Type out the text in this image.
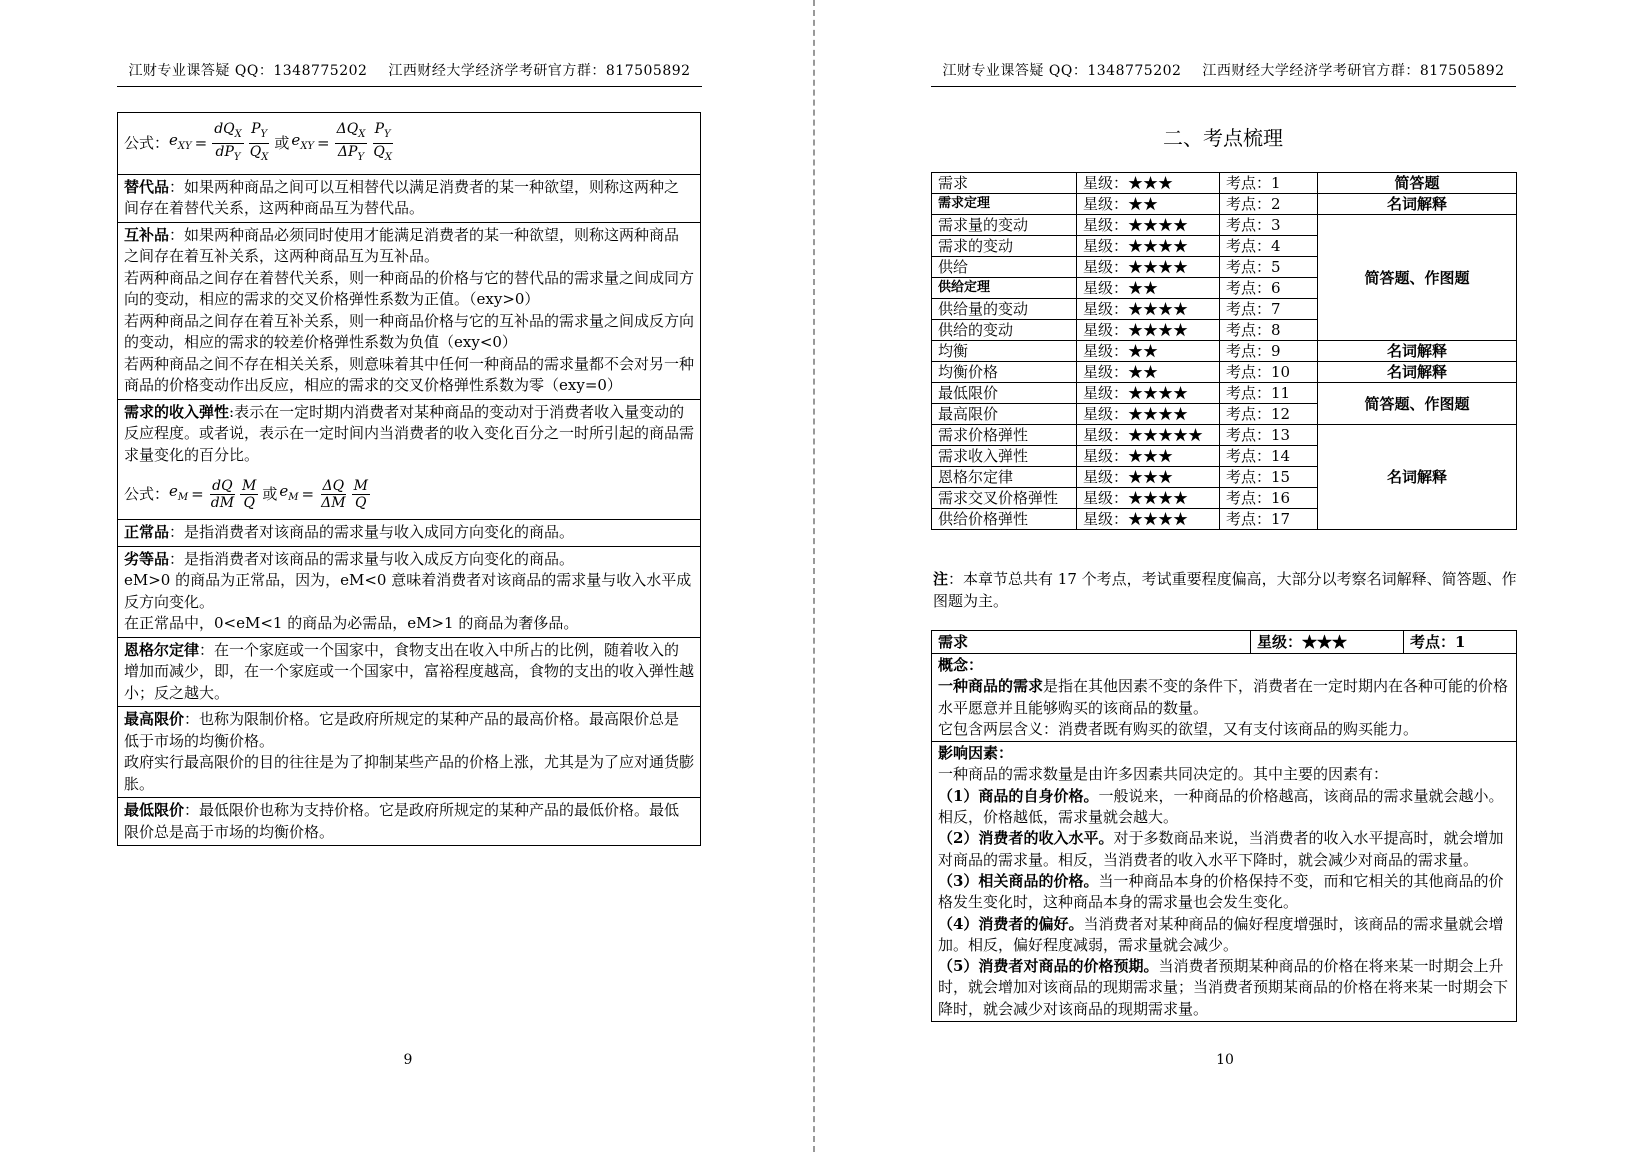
江财专业课答疑 QQ：1348775202 江西财经大学经济学考研官方群：817505892
公式： $e_{XY} = \frac{dQ_X}{dP_Y} \frac{P_Y}{Q_X}$ 或 $e_{XY} = \frac{\Delta Q_X}{\Delta P_Y} \frac{P_Y}{Q_X}$
替代品：如果两种商品之间可以互相替代以满足消费者的某一种欲望，则称这两种之间存在着替代关系，这两种商品互为替代品。
互补品：如果两种商品必须同时使用才能满足消费者的某一种欲望，则称这两种商品之间存在着互补关系，这两种商品互为互补品。
若两种商品之间存在着替代关系，则一种商品的价格与它的替代品的需求量之间成同方向的变动，相应的需求的交叉价格弹性系数为正值。（exy>0）
若两种商品之间存在着互补关系，则一种商品价格与它的互补品的需求量之间成反方向的变动，相应的需求的较差价格弹性系数为负值（exy<0）
若两种商品之间不存在相关关系，则意味着其中任何一种商品的需求量都不会对另一种商品的价格变动作出反应，相应的需求的交叉价格弹性系数为零（exy=0）
需求的收入弹性:表示在一定时期内消费者对某种商品的变动对于消费者收入量变动的反应程度。或者说，表示在一定时间内当消费者的收入变化百分之一时所引起的商品需求量变化的百分比。
公式： $e_M = \frac{dQ}{dM} \frac{M}{Q}$ 或 $e_M = \frac{\Delta Q}{\Delta M} \frac{M}{Q}$
正常品：是指消费者对该商品的需求量与收入成同方向变化的商品。
劣等品：是指消费者对该商品的需求量与收入成反方向变化的商品。
eM>0 的商品为正常品，因为，eM<0 意味着消费者对该商品的需求量与收入水平成反方向变化。
在正常品中，0<eM<1 的商品为必需品，eM>1 的商品为奢侈品。
恩格尔定律：在一个家庭或一个国家中，食物支出在收入中所占的比例，随着收入的增加而减少，即，在一个家庭或一个国家中，富裕程度越高，食物的支出的收入弹性越小；反之越大。
最高限价：也称为限制价格。它是政府所规定的某种产品的最高价格。最高限价总是低于市场的均衡价格。
政府实行最高限价的目的往往是为了抑制某些产品的价格上涨，尤其是为了应对通货膨胀。
最低限价：最低限价也称为支持价格。它是政府所规定的某种产品的最低价格。最低限价总是高于市场的均衡价格。
9
江财专业课答疑 QQ：1348775202 江西财经大学经济学考研官方群：817505892
二、考点梳理
需求	星级：★★★	考点：1	简答题
需求定理	星级：★★	考点：2	名词解释
需求量的变动	星级：★★★★	考点：3	简答题、作图题
需求的变动	星级：★★★★	考点：4	
供给	星级：★★★★	考点：5	
供给定理	星级：★★	考点：6	
供给量的变动	星级：★★★★	考点：7	
供给的变动	星级：★★★★	考点：8	
均衡	星级：★★	考点：9	名词解释
均衡价格	星级：★★	考点：10	名词解释
最低限价	星级：★★★★	考点：11	简答题、作图题
最高限价	星级：★★★★	考点：12	
需求价格弹性	星级：★★★★★	考点：13	名词解释
需求收入弹性	星级：★★★	考点：14	
恩格尔定律	星级：★★★	考点：15	
需求交叉价格弹性	星级：★★★★	考点：16	
供给价格弹性	星级：★★★★	考点：17	
注：本章节总共有 17 个考点，考试重要程度偏高，大部分以考察名词解释、简答题、作图题为主。
需求	星级：★★★	考点：1
概念：
一种商品的需求是指在其他因素不变的条件下，消费者在一定时期内在各种可能的价格水平愿意并且能够购买的该商品的数量。
它包含两层含义：消费者既有购买的欲望，又有支付该商品的购买能力。
影响因素：
一种商品的需求数量是由许多因素共同决定的。其中主要的因素有：
（1）商品的自身价格。一般说来，一种商品的价格越高，该商品的需求量就会越小。相反，价格越低，需求量就会越大。
（2）消费者的收入水平。对于多数商品来说，当消费者的收入水平提高时，就会增加对商品的需求量。相反，当消费者的收入水平下降时，就会减少对商品的需求量。
（3）相关商品的价格。当一种商品本身的价格保持不变，而和它相关的其他商品的价格发生变化时，这种商品本身的需求量也会发生变化。
（4）消费者的偏好。当消费者对某种商品的偏好程度增强时，该商品的需求量就会增加。相反，偏好程度减弱，需求量就会减少。
（5）消费者对商品的价格预期。当消费者预期某种商品的价格在将来某一时期会上升时，就会增加对该商品的现期需求量；当消费者预期某商品的价格在将来某一时期会下降时，就会减少对该商品的现期需求量。
10
